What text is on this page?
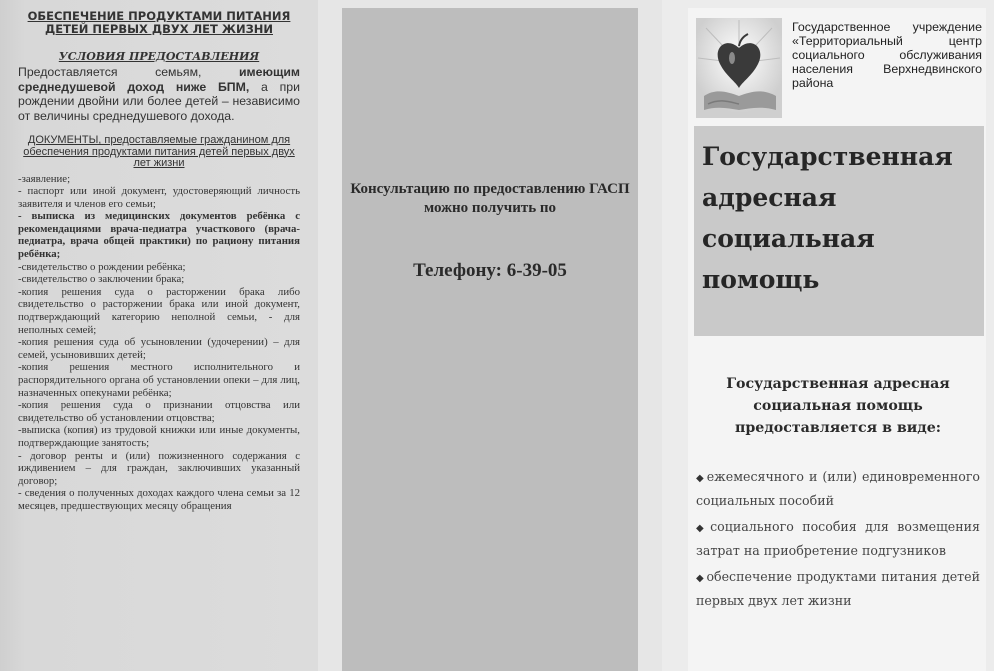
ОБЕСПЕЧЕНИЕ ПРОДУКТАМИ ПИТАНИЯ ДЕТЕЙ ПЕРВЫХ ДВУХ ЛЕТ ЖИЗНИ
УСЛОВИЯ ПРЕДОСТАВЛЕНИЯ
Предоставляется семьям, имеющим среднедушевой доход ниже БПМ, а при рождении двойни или более детей – независимо от величины среднедушевого дохода.
ДОКУМЕНТЫ, предоставляемые гражданином для обеспечения продуктами питания детей первых двух лет жизни
-заявление;
- паспорт или иной документ, удостоверяющий личность заявителя и членов его семьи;
- выписка из медицинских документов ребёнка с рекомендациями врача-педиатра участкового (врача-педиатра, врача общей практики) по рациону питания ребёнка;
-свидетельство о рождении ребёнка;
-свидетельство о заключении брака;
-копия решения суда о расторжении брака либо свидетельство о расторжении брака или иной документ, подтверждающий категорию неполной семьи, - для неполных семей;
-копия решения суда об усыновлении (удочерении) – для семей, усыновивших детей;
-копия решения местного исполнительного и распорядительного органа об установлении опеки – для лиц, назначенных опекунами ребёнка;
-копия решения суда о признании отцовства или свидетельство об установлении отцовства;
-выписка (копия) из трудовой книжки или иные документы, подтверждающие занятость;
- договор ренты и (или) пожизненного содержания с иждивением – для граждан, заключивших указанный договор;
- сведения о полученных доходах каждого члена семьи за 12 месяцев, предшествующих месяцу обращения
Консультацию по предоставлению ГАСП можно получить по
Телефону: 6-39-05
Государственное учреждение «Территориальный центр социального обслуживания населения Верхнедвинского района
Государственная адресная социальная помощь
Государственная адресная социальная помощь предоставляется в виде:
◆ ежемесячного и (или) единовременного социальных пособий
◆ социального пособия для возмещения затрат на приобретение подгузников
◆ обеспечение продуктами питания детей первых двух лет жизни
